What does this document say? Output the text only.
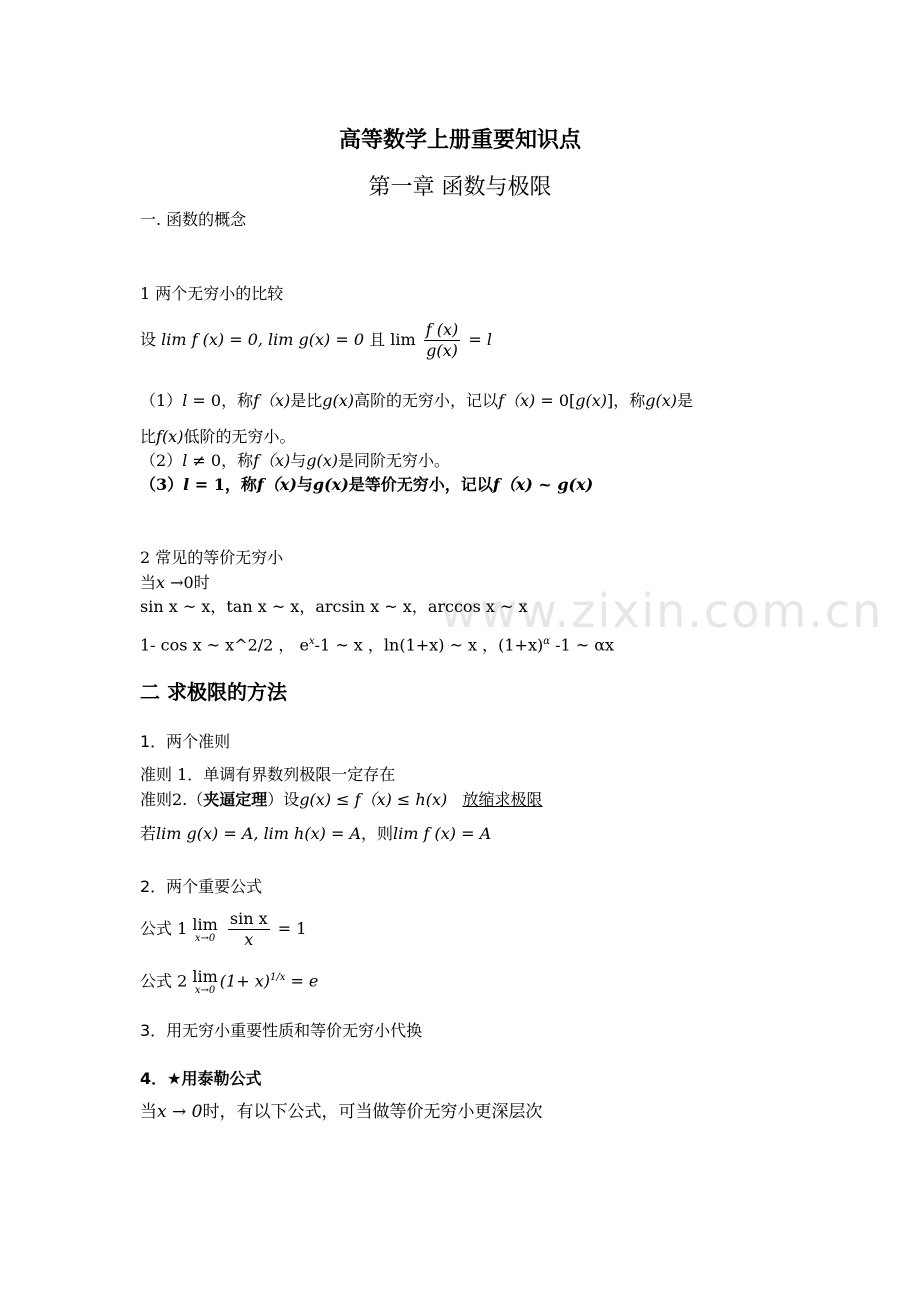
www.zixin.com.cn
高等数学上册重要知识点
第一章 函数与极限
一. 函数的概念
1 两个无穷小的比较
设 lim f (x) = 0, lim g(x) = 0 且 $\lim \frac{f (x)}{g(x)} = l$
（1）l = 0，称f（x)是比g(x)高阶的无穷小，记以f（x) = 0[g(x)]，称g(x)是
比f(x)低阶的无穷小。
（2）l ≠ 0，称f（x)与g(x)是同阶无穷小。
（3）l = 1，称f（x)与g(x)是等价无穷小，记以f（x) ~ g(x)
2 常见的等价无穷小
当x →0时
sin x ~ x，tan x ~ x，arcsin x ~ x，arccos x ~ x
1- cos x ~ x^2/2 ， $e^x-1$ ~ x ，ln(1+x) ~ x ，$(1+x)^\alpha$ -1 ~ αx
二 求极限的方法
1．两个准则
准则 1．单调有界数列极限一定存在
准则2.（夹逼定理）设g(x) ≤ f（x) ≤ h(x) 放缩求极限
若lim g(x) = A, lim h(x) = A，则lim f (x) = A
2．两个重要公式
公式 1 lim
x→0
$\frac{\text{sin x}}{x} = 1$
公式 2 lim
x→0 $(1+ x)^{1/x} = e$
3．用无穷小重要性质和等价无穷小代换
4．★用泰勒公式
当x → 0时，有以下公式，可当做等价无穷小更深层次
